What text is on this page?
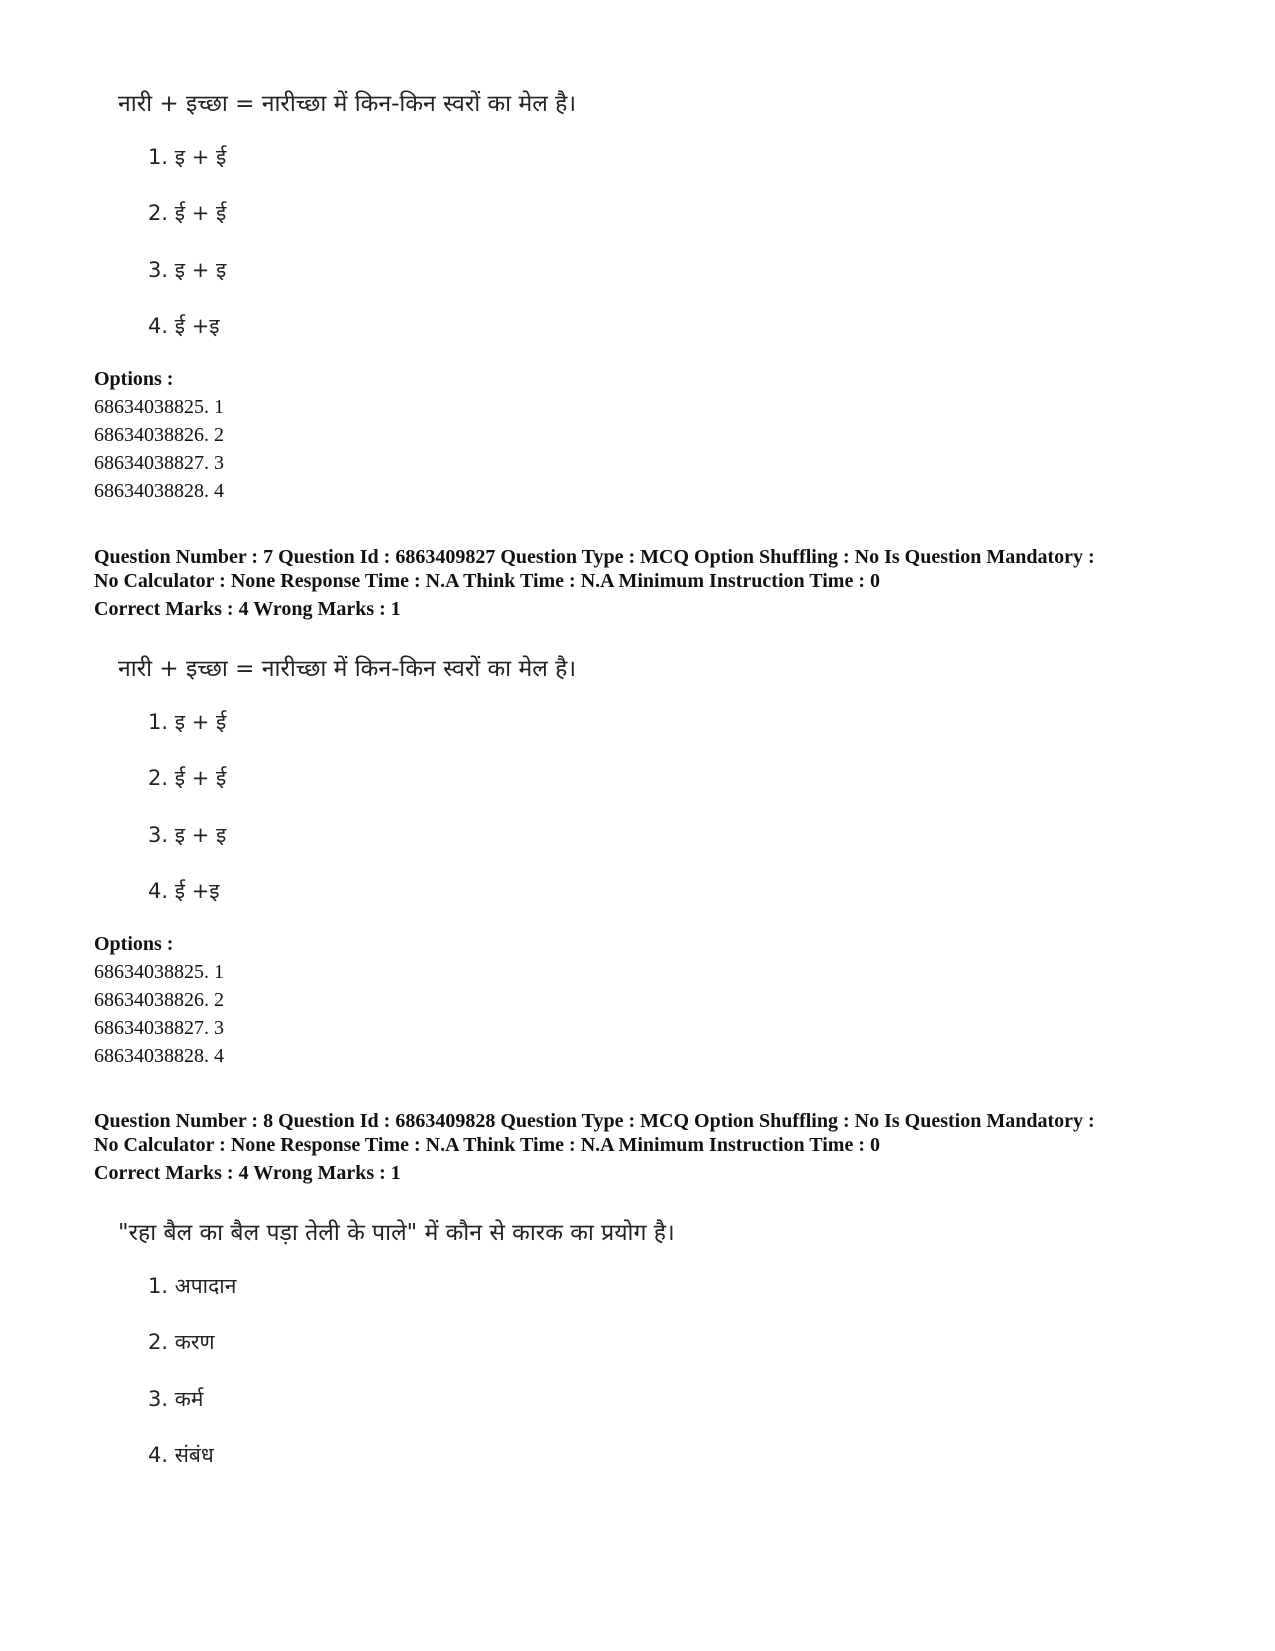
नारी + इच्छा = नारीच्छा में किन-किन स्वरों का मेल है।
1. इ + ई
2. ई + ई
3. इ + इ
4. ई +इ
Options :
68634038825. 1
68634038826. 2
68634038827. 3
68634038828. 4
Question Number : 7 Question Id : 6863409827 Question Type : MCQ Option Shuffling : No Is Question Mandatory :
No Calculator : None Response Time : N.A Think Time : N.A Minimum Instruction Time : 0
Correct Marks : 4 Wrong Marks : 1
नारी + इच्छा = नारीच्छा में किन-किन स्वरों का मेल है।
1. इ + ई
2. ई + ई
3. इ + इ
4. ई +इ
Options :
68634038825. 1
68634038826. 2
68634038827. 3
68634038828. 4
Question Number : 8 Question Id : 6863409828 Question Type : MCQ Option Shuffling : No Is Question Mandatory :
No Calculator : None Response Time : N.A Think Time : N.A Minimum Instruction Time : 0
Correct Marks : 4 Wrong Marks : 1
"रहा बैल का बैल पड़ा तेली के पाले" में कौन से कारक का प्रयोग है।
1. अपादान
2. करण
3. कर्म
4. संबंध
